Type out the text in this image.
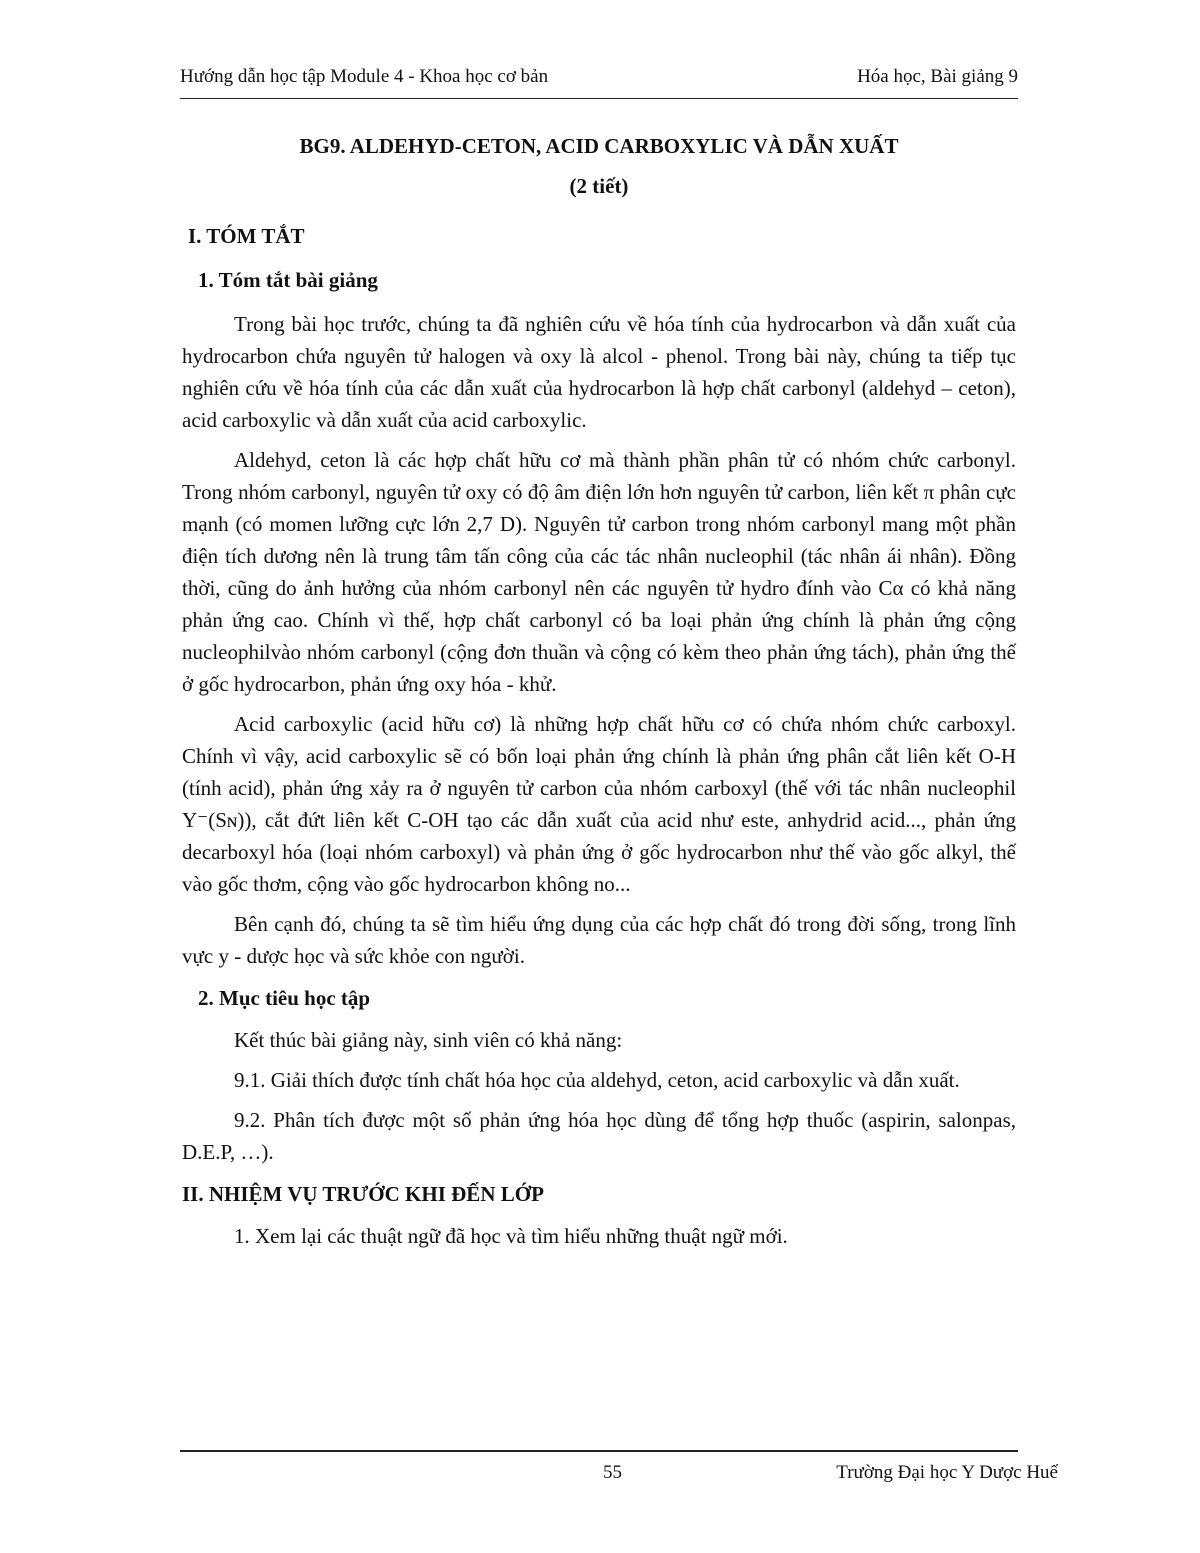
Hướng dẫn học tập Module 4 - Khoa học cơ bản	Hóa học, Bài giảng 9
BG9. ALDEHYD-CETON, ACID CARBOXYLIC VÀ DẪN XUẤT
(2 tiết)
I. TÓM TẮT
1. Tóm tắt bài giảng

Trong bài học trước, chúng ta đã nghiên cứu về hóa tính của hydrocarbon và dẫn xuất của hydrocarbon chứa nguyên tử halogen và oxy là alcol - phenol. Trong bài này, chúng ta tiếp tục nghiên cứu về hóa tính của các dẫn xuất của hydrocarbon là hợp chất carbonyl (aldehyd – ceton), acid carboxylic và dẫn xuất của acid carboxylic.

Aldehyd, ceton là các hợp chất hữu cơ mà thành phần phân tử có nhóm chức carbonyl. Trong nhóm carbonyl, nguyên tử oxy có độ âm điện lớn hơn nguyên tử carbon, liên kết π phân cực mạnh (có momen lưỡng cực lớn 2,7 D). Nguyên tử carbon trong nhóm carbonyl mang một phần điện tích dương nên là trung tâm tấn công của các tác nhân nucleophil (tác nhân ái nhân). Đồng thời, cũng do ảnh hưởng của nhóm carbonyl nên các nguyên tử hydro đính vào Cα có khả năng phản ứng cao. Chính vì thế, hợp chất carbonyl có ba loại phản ứng chính là phản ứng cộng nucleophilvào nhóm carbonyl (cộng đơn thuần và cộng có kèm theo phản ứng tách), phản ứng thế ở gốc hydrocarbon, phản ứng oxy hóa - khử.

Acid carboxylic (acid hữu cơ) là những hợp chất hữu cơ có chứa nhóm chức carboxyl. Chính vì vậy, acid carboxylic sẽ có bốn loại phản ứng chính là phản ứng phân cắt liên kết O-H (tính acid), phản ứng xảy ra ở nguyên tử carbon của nhóm carboxyl (thế với tác nhân nucleophil Y⁻(Sɴ)), cắt đứt liên kết C-OH tạo các dẫn xuất của acid như este, anhydrid acid..., phản ứng decarboxyl hóa (loại nhóm carboxyl) và phản ứng ở gốc hydrocarbon như thế vào gốc alkyl, thế vào gốc thơm, cộng vào gốc hydrocarbon không no...

Bên cạnh đó, chúng ta sẽ tìm hiểu ứng dụng của các hợp chất đó trong đời sống, trong lĩnh vực y - dược học và sức khỏe con người.

2. Mục tiêu học tập

Kết thúc bài giảng này, sinh viên có khả năng:

9.1. Giải thích được tính chất hóa học của aldehyd, ceton, acid carboxylic và dẫn xuất.

9.2. Phân tích được một số phản ứng hóa học dùng để tổng hợp thuốc (aspirin, salonpas, D.E.P, …).

II. NHIỆM VỤ TRƯỚC KHI ĐẾN LỚP

1. Xem lại các thuật ngữ đã học và tìm hiểu những thuật ngữ mới.

55	Trường Đại học Y Dược Huế
